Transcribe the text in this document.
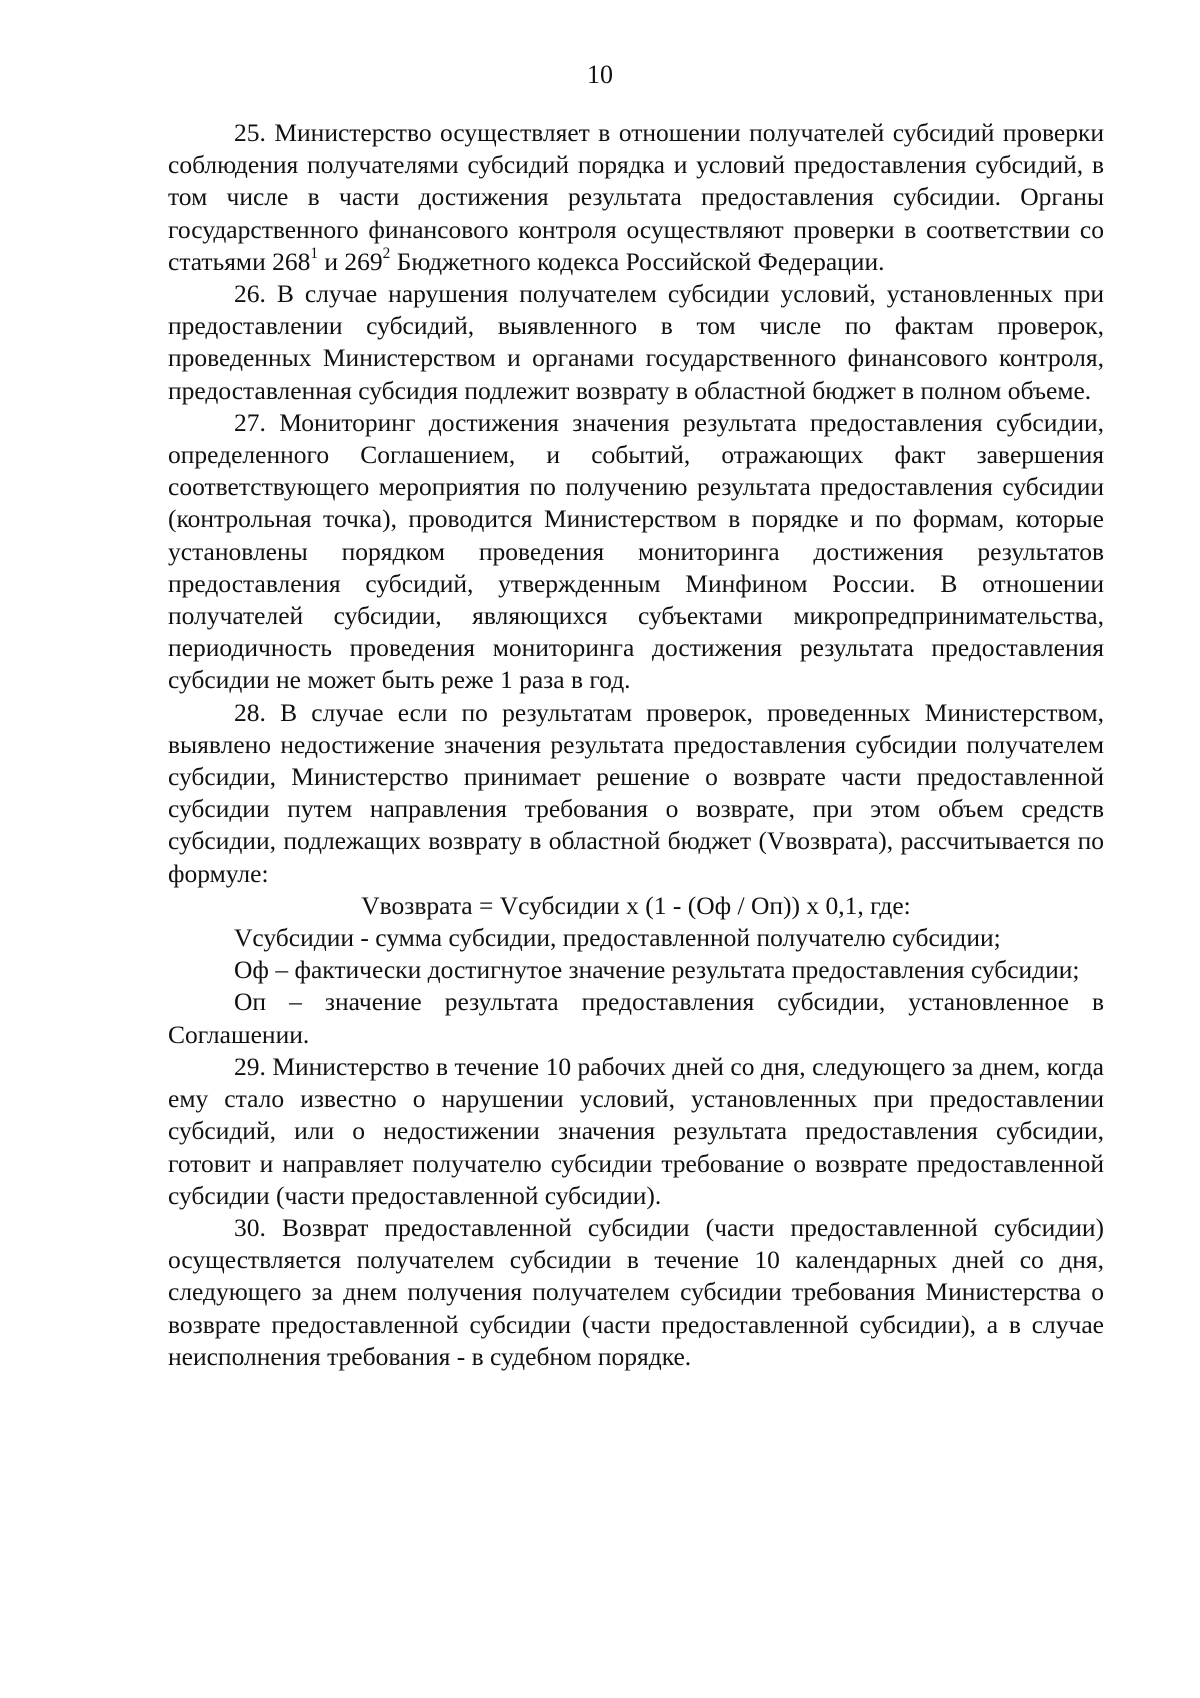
10

25. Министерство осуществляет в отношении получателей субсидий проверки соблюдения получателями субсидий порядка и условий предоставления субсидий, в том числе в части достижения результата предоставления субсидии. Органы государственного финансового контроля осуществляют проверки в соответствии со статьями $268^1$ и $269^2$ Бюджетного кодекса Российской Федерации.

26. В случае нарушения получателем субсидии условий, установленных при предоставлении субсидий, выявленного в том числе по фактам проверок, проведенных Министерством и органами государственного финансового контроля, предоставленная субсидия подлежит возврату в областной бюджет в полном объеме.

27. Мониторинг достижения значения результата предоставления субсидии, определенного Соглашением, и событий, отражающих факт завершения соответствующего мероприятия по получению результата предоставления субсидии (контрольная точка), проводится Министерством в порядке и по формам, которые установлены порядком проведения мониторинга достижения результатов предоставления субсидий, утвержденным Минфином России. В отношении получателей субсидии, являющихся субъектами микропредпринимательства, периодичность проведения мониторинга достижения результата предоставления субсидии не может быть реже 1 раза в год.

28. В случае если по результатам проверок, проведенных Министерством, выявлено недостижение значения результата предоставления субсидии получателем субсидии, Министерство принимает решение о возврате части предоставленной субсидии путем направления требования о возврате, при этом объем средств субсидии, подлежащих возврату в областной бюджет (Vвозврата), рассчитывается по формуле:

Vвозврата = Vсубсидии x (1 - (Оф / Оп)) x 0,1, где:

Vсубсидии - сумма субсидии, предоставленной получателю субсидии;

Оф – фактически достигнутое значение результата предоставления субсидии;

Оп – значение результата предоставления субсидии, установленное в Соглашении.

29. Министерство в течение 10 рабочих дней со дня, следующего за днем, когда ему стало известно о нарушении условий, установленных при предоставлении субсидий, или о недостижении значения результата предоставления субсидии, готовит и направляет получателю субсидии требование о возврате предоставленной субсидии (части предоставленной субсидии).

30. Возврат предоставленной субсидии (части предоставленной субсидии) осуществляется получателем субсидии в течение 10 календарных дней со дня, следующего за днем получения получателем субсидии требования Министерства о возврате предоставленной субсидии (части предоставленной субсидии), а в случае неисполнения требования - в судебном порядке.
